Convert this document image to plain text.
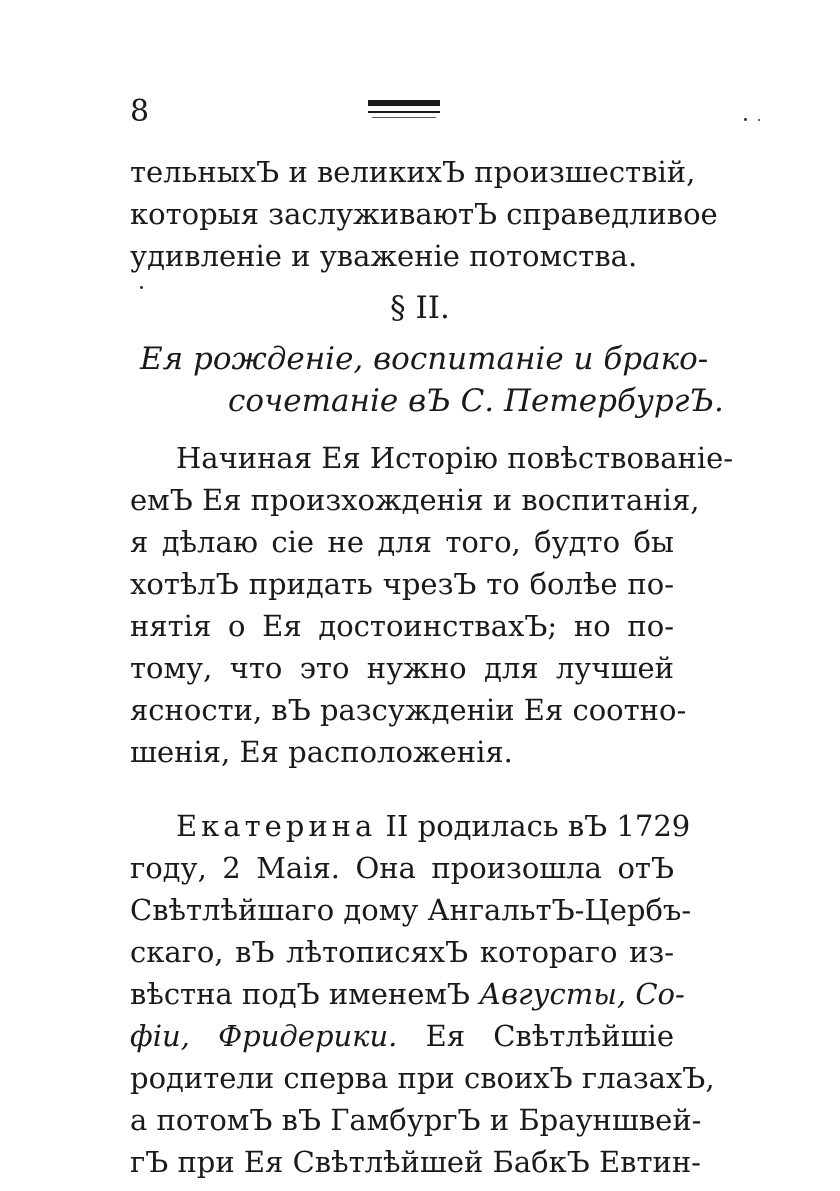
8
тельныхЪ и великихЪ произшествій,
которыя заслуживаютЪ справедливое
удивленіе и уваженіе потомства.
§ II.
Ея рожденіе, воспитаніе и брако-
сочетаніе вЪ С. ПетербургЪ.
Начиная Ея Исторію повѣствованіе-
емЪ Ея произхожденія и воспитанія,
я дѣлаю сіе не для того, будто бы
хотѣлЪ придать чрезЪ то болѣе по-
нятія о Ея достоинствахЪ; но по-
тому, что это нужно для лучшей
ясности, вЪ разсужденіи Ея соотно-
шенія, Ея расположенія.
Екатерина II родилась вЪ 1729
году, 2 Маія. Она произошла отЪ
Свѣтлѣйшаго дому АнгальтЪ-Цербъ-
скаго, вЪ лѣтописяхЪ котораго из-
вѣстна подЪ именемЪ Августы, Со-
фіи, Фридерики. Ея Свѣтлѣйшіе
родители сперва при своихЪ глазахЪ,
а потомЪ вЪ ГамбургЪ и Брауншвей-
гЪ при Ея Свѣтлѣйшей БабкЪ Евтин-
